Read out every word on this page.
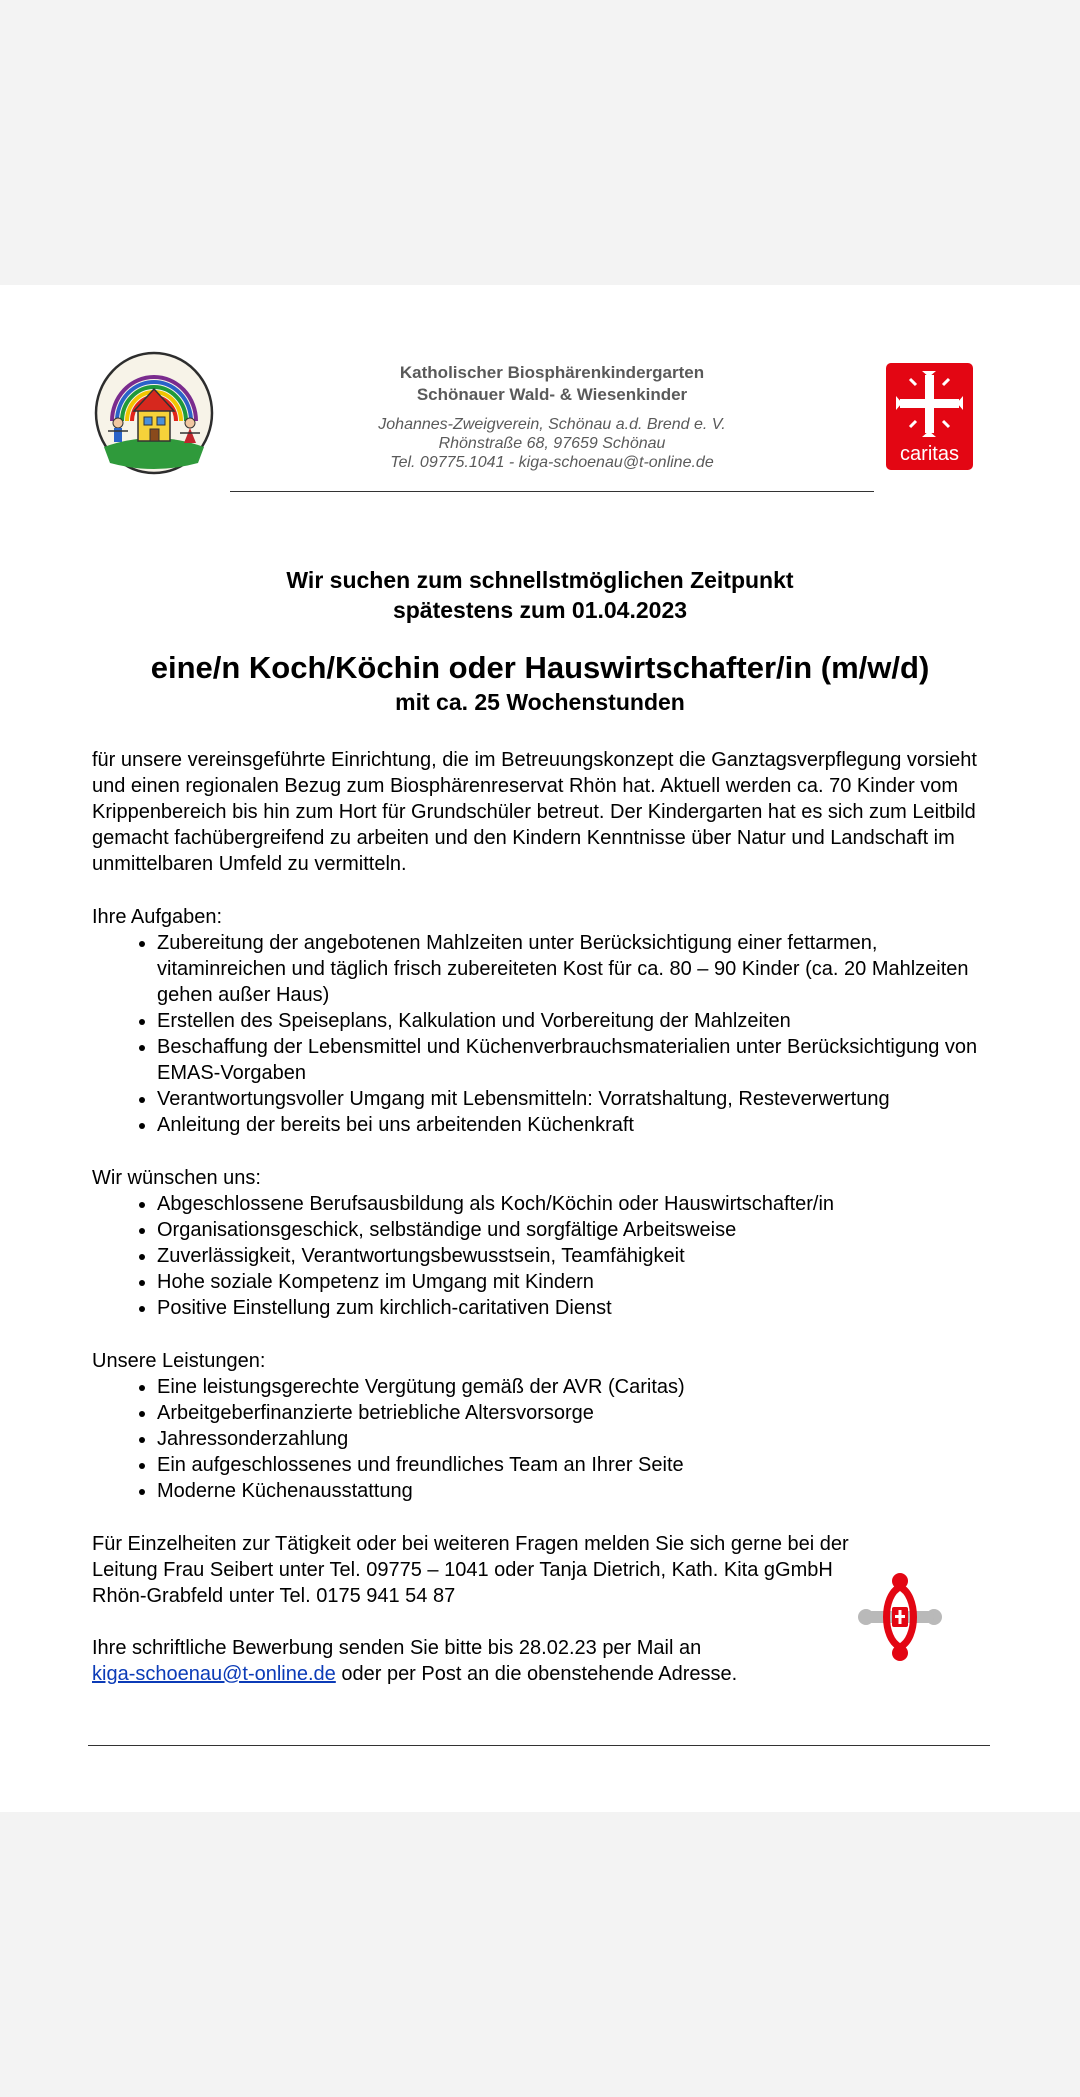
Katholischer Biosphärenkindergarten
Schönauer Wald- & Wiesenkinder
Johannes-Zweigverein, Schönau a.d. Brend e. V.
Rhönstraße 68, 97659 Schönau
Tel. 09775.1041 - kiga-schoenau@t-online.de	caritas
Wir suchen zum schnellstmöglichen Zeitpunkt
spätestens zum 01.04.2023
eine/n Koch/Köchin oder Hauswirtschafter/in (m/w/d)
mit ca. 25 Wochenstunden

für unsere vereinsgeführte Einrichtung, die im Betreuungskonzept die Ganztagsverpflegung vorsieht und einen regionalen Bezug zum Biosphärenreservat Rhön hat. Aktuell werden ca. 70 Kinder vom Krippenbereich bis hin zum Hort für Grundschüler betreut. Der Kindergarten hat es sich zum Leitbild gemacht fachübergreifend zu arbeiten und den Kindern Kenntnisse über Natur und Landschaft im unmittelbaren Umfeld zu vermitteln.

Ihre Aufgaben:

• Zubereitung der angebotenen Mahlzeiten unter Berücksichtigung einer fettarmen, vitaminreichen und täglich frisch zubereiteten Kost für ca. 80 – 90 Kinder (ca. 20 Mahlzeiten gehen außer Haus)
• Erstellen des Speiseplans, Kalkulation und Vorbereitung der Mahlzeiten
• Beschaffung der Lebensmittel und Küchenverbrauchsmaterialien unter Berücksichtigung von EMAS-Vorgaben
• Verantwortungsvoller Umgang mit Lebensmitteln: Vorratshaltung, Resteverwertung
• Anleitung der bereits bei uns arbeitenden Küchenkraft

Wir wünschen uns:

• Abgeschlossene Berufsausbildung als Koch/Köchin oder Hauswirtschafter/in
• Organisationsgeschick, selbständige und sorgfältige Arbeitsweise
• Zuverlässigkeit, Verantwortungsbewusstsein, Teamfähigkeit
• Hohe soziale Kompetenz im Umgang mit Kindern
• Positive Einstellung zum kirchlich-caritativen Dienst

Unsere Leistungen:

• Eine leistungsgerechte Vergütung gemäß der AVR (Caritas)
• Arbeitgeberfinanzierte betriebliche Altersvorsorge
• Jahressonderzahlung
• Ein aufgeschlossenes und freundliches Team an Ihrer Seite
• Moderne Küchenausstattung

Für Einzelheiten zur Tätigkeit oder bei weiteren Fragen melden Sie sich gerne bei der Leitung Frau Seibert unter Tel. 09775 – 1041 oder Tanja Dietrich, Kath. Kita gGmbH Rhön-Grabfeld unter Tel. 0175 941 54 87

Ihre schriftliche Bewerbung senden Sie bitte bis 28.02.23 per Mail an
kiga-schoenau@t-online.de oder per Post an die obenstehende Adresse.
